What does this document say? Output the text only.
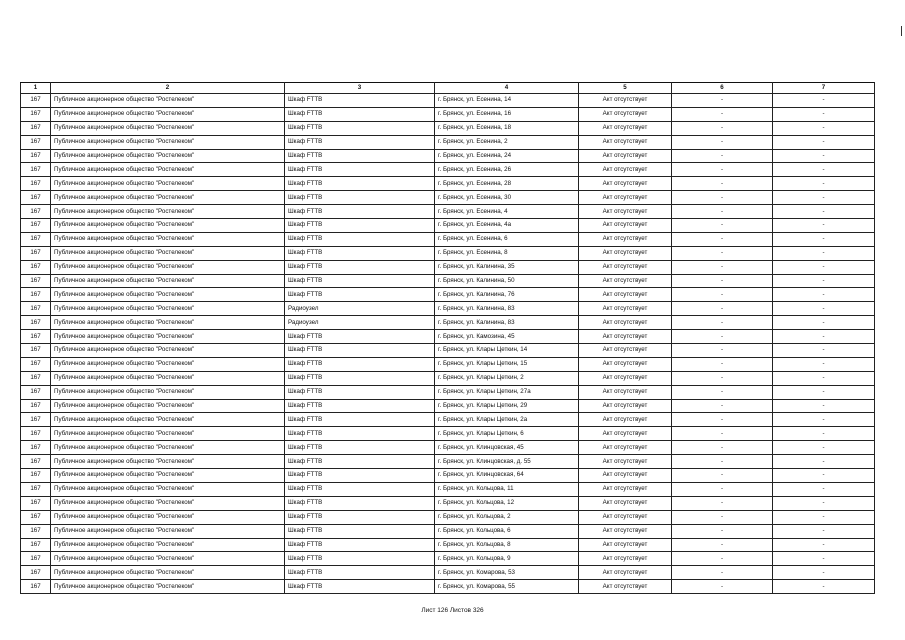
1	2	3	4	5	6	7
167	Публичное акционерное общество "Ростелеком"	Шкаф FTTB	г. Брянск, ул. Есенина, 14	Акт отсутствует	-	-
167	Публичное акционерное общество "Ростелеком"	Шкаф FTTB	г. Брянск, ул. Есенина, 16	Акт отсутствует	-	-
167	Публичное акционерное общество "Ростелеком"	Шкаф FTTB	г. Брянск, ул. Есенина, 18	Акт отсутствует	-	-
167	Публичное акционерное общество "Ростелеком"	Шкаф FTTB	г. Брянск, ул. Есенина, 2	Акт отсутствует	-	-
167	Публичное акционерное общество "Ростелеком"	Шкаф FTTB	г. Брянск, ул. Есенина, 24	Акт отсутствует	-	-
167	Публичное акционерное общество "Ростелеком"	Шкаф FTTB	г. Брянск, ул. Есенина, 26	Акт отсутствует	-	-
167	Публичное акционерное общество "Ростелеком"	Шкаф FTTB	г. Брянск, ул. Есенина, 28	Акт отсутствует	-	-
167	Публичное акционерное общество "Ростелеком"	Шкаф FTTB	г. Брянск, ул. Есенина, 30	Акт отсутствует	-	-
167	Публичное акционерное общество "Ростелеком"	Шкаф FTTB	г. Брянск, ул. Есенина, 4	Акт отсутствует	-	-
167	Публичное акционерное общество "Ростелеком"	Шкаф FTTB	г. Брянск, ул. Есенина, 4а	Акт отсутствует	-	-
167	Публичное акционерное общество "Ростелеком"	Шкаф FTTB	г. Брянск, ул. Есенина, 6	Акт отсутствует	-	-
167	Публичное акционерное общество "Ростелеком"	Шкаф FTTB	г. Брянск, ул. Есенина, 8	Акт отсутствует	-	-
167	Публичное акционерное общество "Ростелеком"	Шкаф FTTB	г. Брянск, ул. Калинина, 35	Акт отсутствует	-	-
167	Публичное акционерное общество "Ростелеком"	Шкаф FTTB	г. Брянск, ул. Калинина, 50	Акт отсутствует	-	-
167	Публичное акционерное общество "Ростелеком"	Шкаф FTTB	г. Брянск, ул. Калинина, 76	Акт отсутствует	-	-
167	Публичное акционерное общество "Ростелеком"	Радиоузел	г. Брянск, ул. Калинина, 83	Акт отсутствует	-	-
167	Публичное акционерное общество "Ростелеком"	Радиоузел	г. Брянск, ул. Калинина, 83	Акт отсутствует	-	-
167	Публичное акционерное общество "Ростелеком"	Шкаф FTTB	г. Брянск, ул. Камозина, 45	Акт отсутствует	-	-
167	Публичное акционерное общество "Ростелеком"	Шкаф FTTB	г. Брянск, ул. Клары Цеткин, 14	Акт отсутствует	-	-
167	Публичное акционерное общество "Ростелеком"	Шкаф FTTB	г. Брянск, ул. Клары Цеткин, 15	Акт отсутствует	-	-
167	Публичное акционерное общество "Ростелеком"	Шкаф FTTB	г. Брянск, ул. Клары Цеткин, 2	Акт отсутствует	-	-
167	Публичное акционерное общество "Ростелеком"	Шкаф FTTB	г. Брянск, ул. Клары Цеткин, 27а	Акт отсутствует	-	-
167	Публичное акционерное общество "Ростелеком"	Шкаф FTTB	г. Брянск, ул. Клары Цеткин, 29	Акт отсутствует	-	-
167	Публичное акционерное общество "Ростелеком"	Шкаф FTTB	г. Брянск, ул. Клары Цеткин, 2а	Акт отсутствует	-	-
167	Публичное акционерное общество "Ростелеком"	Шкаф FTTB	г. Брянск, ул. Клары Цеткин, 6	Акт отсутствует	-	-
167	Публичное акционерное общество "Ростелеком"	Шкаф FTTB	г. Брянск, ул. Клинцовская, 45	Акт отсутствует	-	-
167	Публичное акционерное общество "Ростелеком"	Шкаф FTTB	г. Брянск, ул. Клинцовская, д. 55	Акт отсутствует	-	-
167	Публичное акционерное общество "Ростелеком"	Шкаф FTTB	г. Брянск, ул. Клинцовская, 64	Акт отсутствует	-	-
167	Публичное акционерное общество "Ростелеком"	Шкаф FTTB	г. Брянск, ул. Кольцова, 11	Акт отсутствует	-	-
167	Публичное акционерное общество "Ростелеком"	Шкаф FTTB	г. Брянск, ул. Кольцова, 12	Акт отсутствует	-	-
167	Публичное акционерное общество "Ростелеком"	Шкаф FTTB	г. Брянск, ул. Кольцова, 2	Акт отсутствует	-	-
167	Публичное акционерное общество "Ростелеком"	Шкаф FTTB	г. Брянск, ул. Кольцова, 6	Акт отсутствует	-	-
167	Публичное акционерное общество "Ростелеком"	Шкаф FTTB	г. Брянск, ул. Кольцова, 8	Акт отсутствует	-	-
167	Публичное акционерное общество "Ростелеком"	Шкаф FTTB	г. Брянск, ул. Кольцова, 9	Акт отсутствует	-	-
167	Публичное акционерное общество "Ростелеком"	Шкаф FTTB	г. Брянск, ул. Комарова, 53	Акт отсутствует	-	-
167	Публичное акционерное общество "Ростелеком"	Шкаф FTTB	г. Брянск, ул. Комарова, 55	Акт отсутствует	-	-
Лист 126 Листов 326
